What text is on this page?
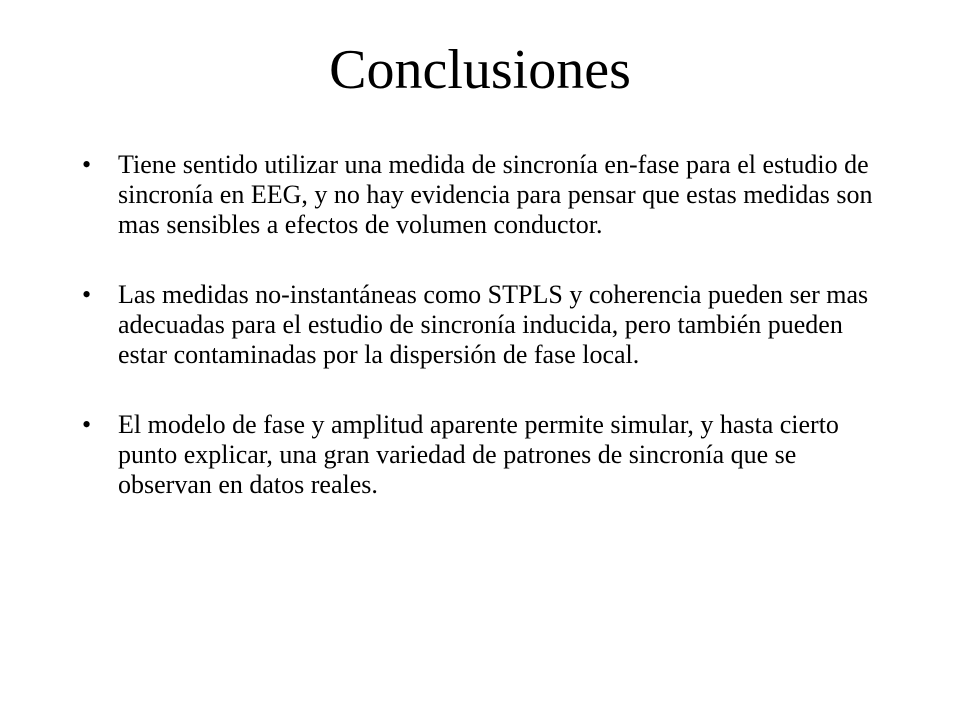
Conclusiones
• Tiene sentido utilizar una medida de sincronía en-fase para el estudio de sincronía en EEG, y no hay evidencia para pensar que estas medidas son mas sensibles a efectos de volumen conductor.
• Las medidas no-instantáneas como STPLS y coherencia pueden ser mas adecuadas para el estudio de sincronía inducida, pero también pueden estar contaminadas por la dispersión de fase local.
• El modelo de fase y amplitud aparente permite simular, y hasta cierto punto explicar, una gran variedad de patrones de sincronía que se observan en datos reales.
